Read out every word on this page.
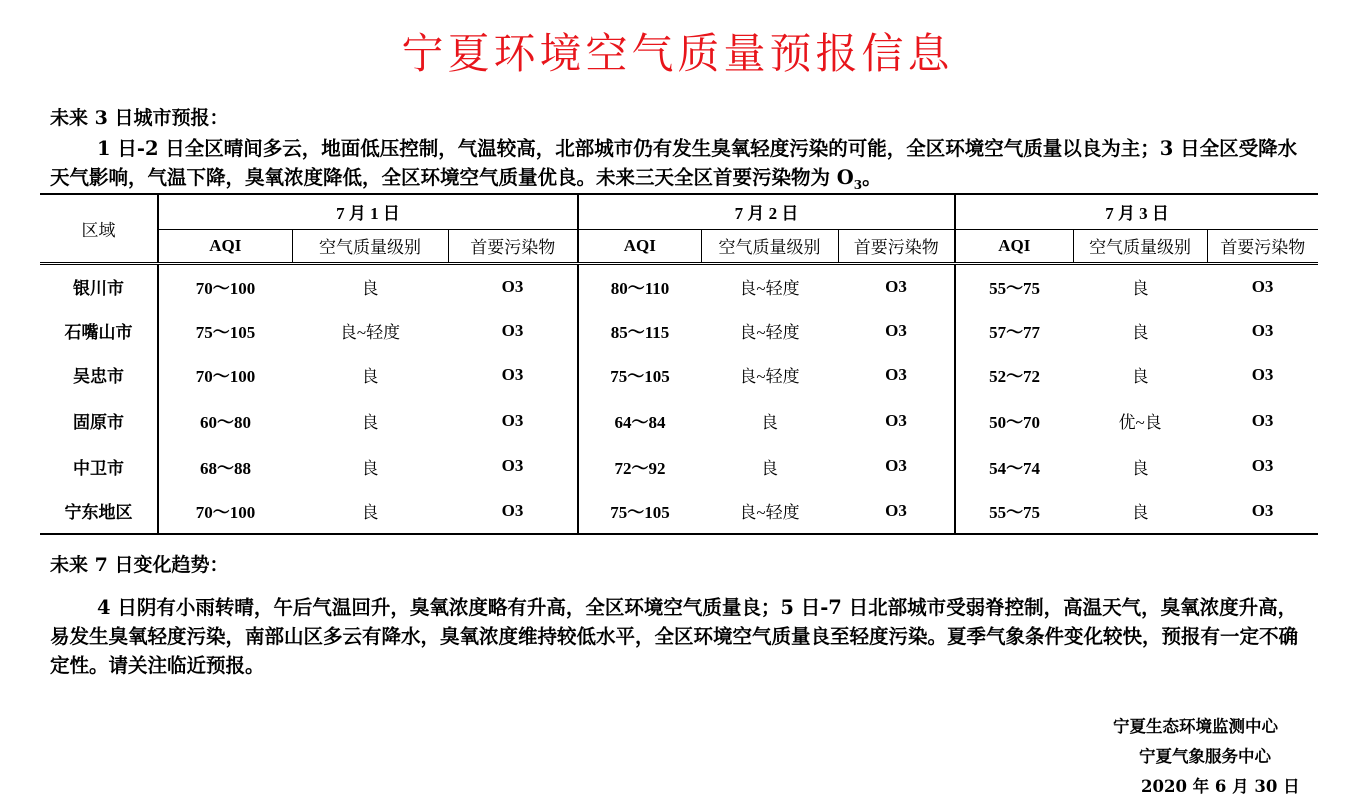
宁夏环境空气质量预报信息
未来 3 日城市预报：
1 日-2 日全区晴间多云，地面低压控制，气温较高，北部城市仍有发生臭氧轻度污染的可能，全区环境空气质量以良为主；3 日全区受降水天气影响，气温下降，臭氧浓度降低，全区环境空气质量优良。未来三天全区首要污染物为 $O_3$。
区域	7 月 1 日			7 月 2 日			7 月 3 日		
	AQI	空气质量级别	首要污染物	AQI	空气质量级别	首要污染物	AQI	空气质量级别	首要污染物
银川市	70～100	良	O3	80～110	良~轻度	O3	55～75	良	O3
石嘴山市	75～105	良~轻度	O3	85～115	良~轻度	O3	57～77	良	O3
吴忠市	70～100	良	O3	75～105	良~轻度	O3	52～72	良	O3
固原市	60～80	良	O3	64～84	良	O3	50～70	优~良	O3
中卫市	68～88	良	O3	72～92	良	O3	54～74	良	O3
宁东地区	70～100	良	O3	75～105	良~轻度	O3	55～75	良	O3
未来 7 日变化趋势：
4 日阴有小雨转晴，午后气温回升，臭氧浓度略有升高，全区环境空气质量良；5 日-7 日北部城市受弱脊控制，高温天气，臭氧浓度升高，易发生臭氧轻度污染，南部山区多云有降水，臭氧浓度维持较低水平，全区环境空气质量良至轻度污染。夏季气象条件变化较快，预报有一定不确定性。请关注临近预报。
宁夏生态环境监测中心
宁夏气象服务中心
2020 年 6 月 30 日
